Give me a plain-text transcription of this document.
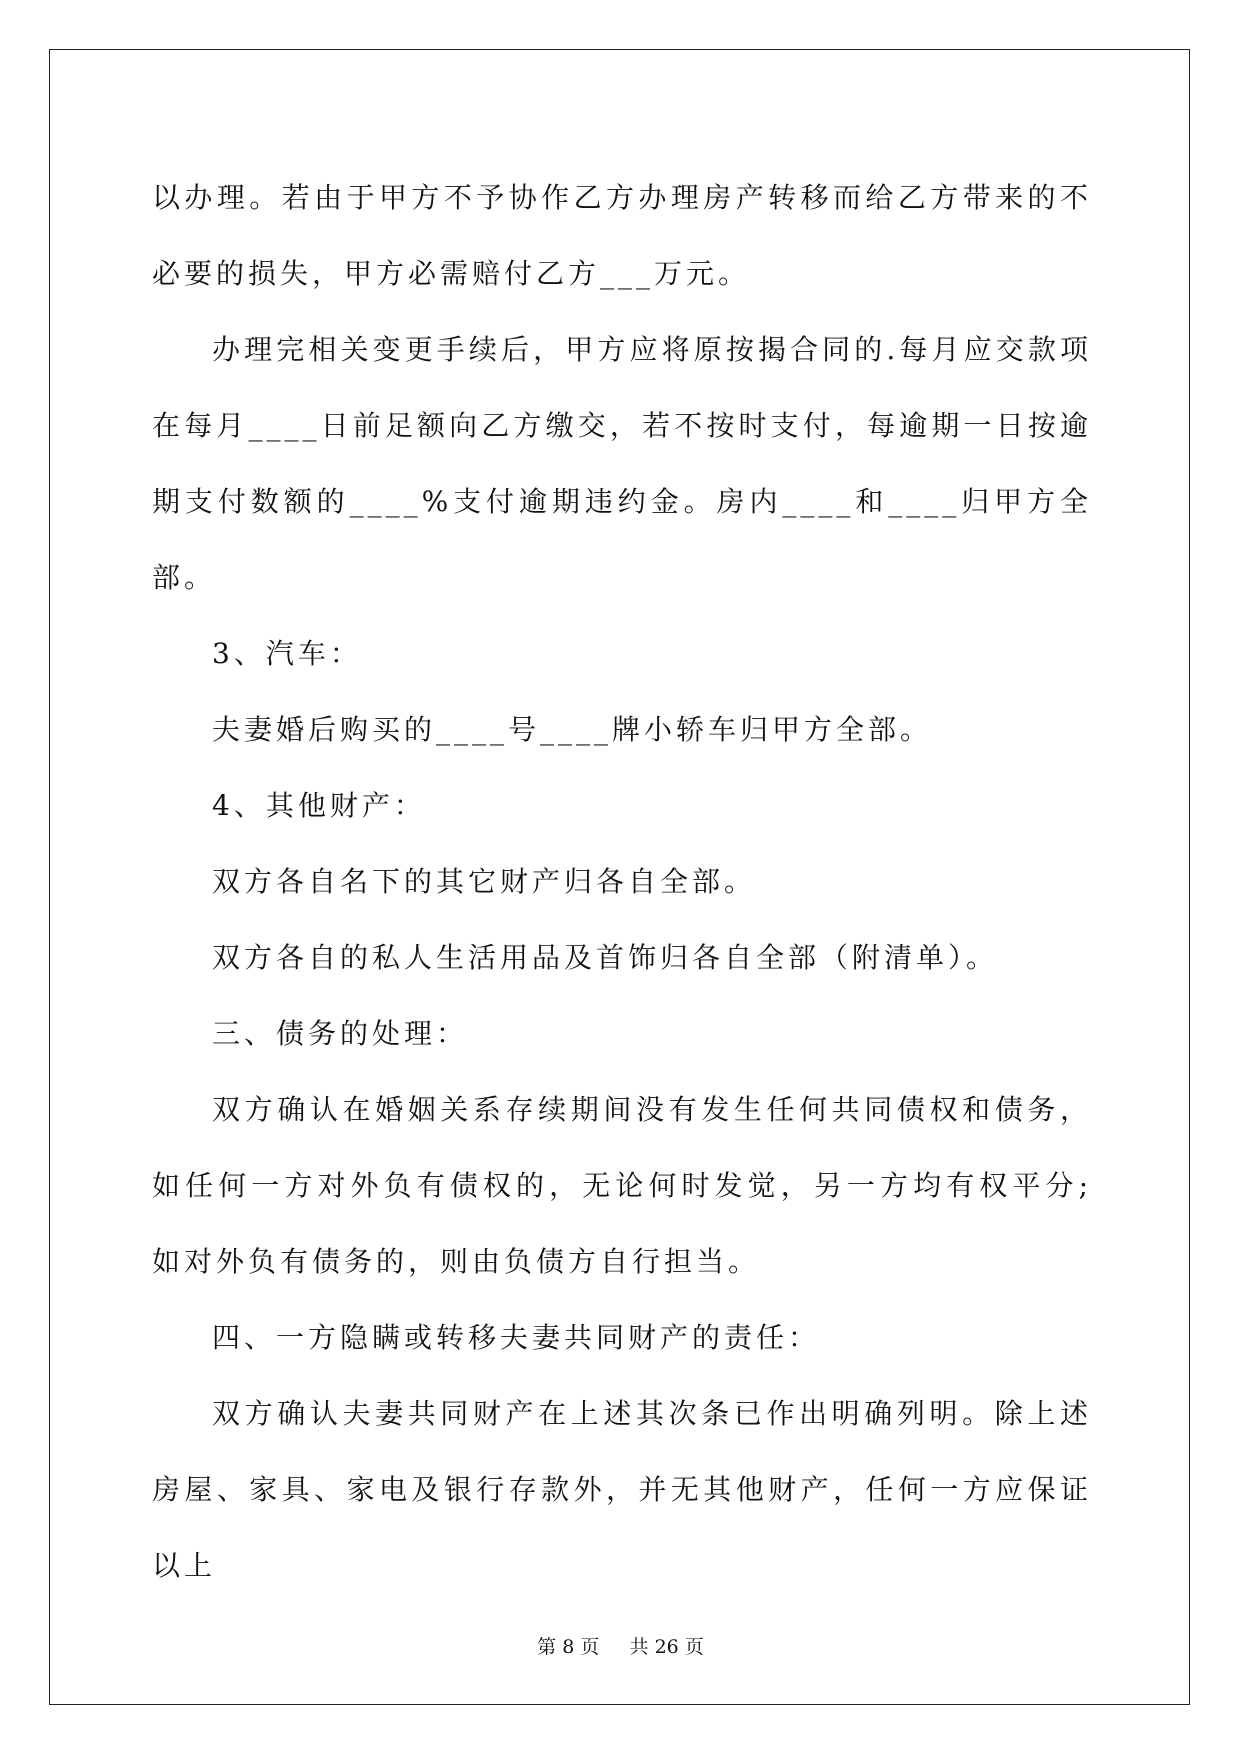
以办理。若由于甲方不予协作乙方办理房产转移而给乙方带来的不必要的损失，甲方必需赔付乙方___万元。

办理完相关变更手续后，甲方应将原按揭合同的.每月应交款项在每月____日前足额向乙方缴交，若不按时支付，每逾期一日按逾期支付数额的____%支付逾期违约金。房内____和____归甲方全部。

3、汽车：

夫妻婚后购买的____号____牌小轿车归甲方全部。

4、其他财产：

双方各自名下的其它财产归各自全部。

双方各自的私人生活用品及首饰归各自全部（附清单）。

三、债务的处理：

双方确认在婚姻关系存续期间没有发生任何共同债权和债务，如任何一方对外负有债权的，无论何时发觉，另一方均有权平分;如对外负有债务的，则由负债方自行担当。

四、一方隐瞒或转移夫妻共同财产的责任：

双方确认夫妻共同财产在上述其次条已作出明确列明。除上述房屋、家具、家电及银行存款外，并无其他财产，任何一方应保证以上

第 8 页 共 26 页
